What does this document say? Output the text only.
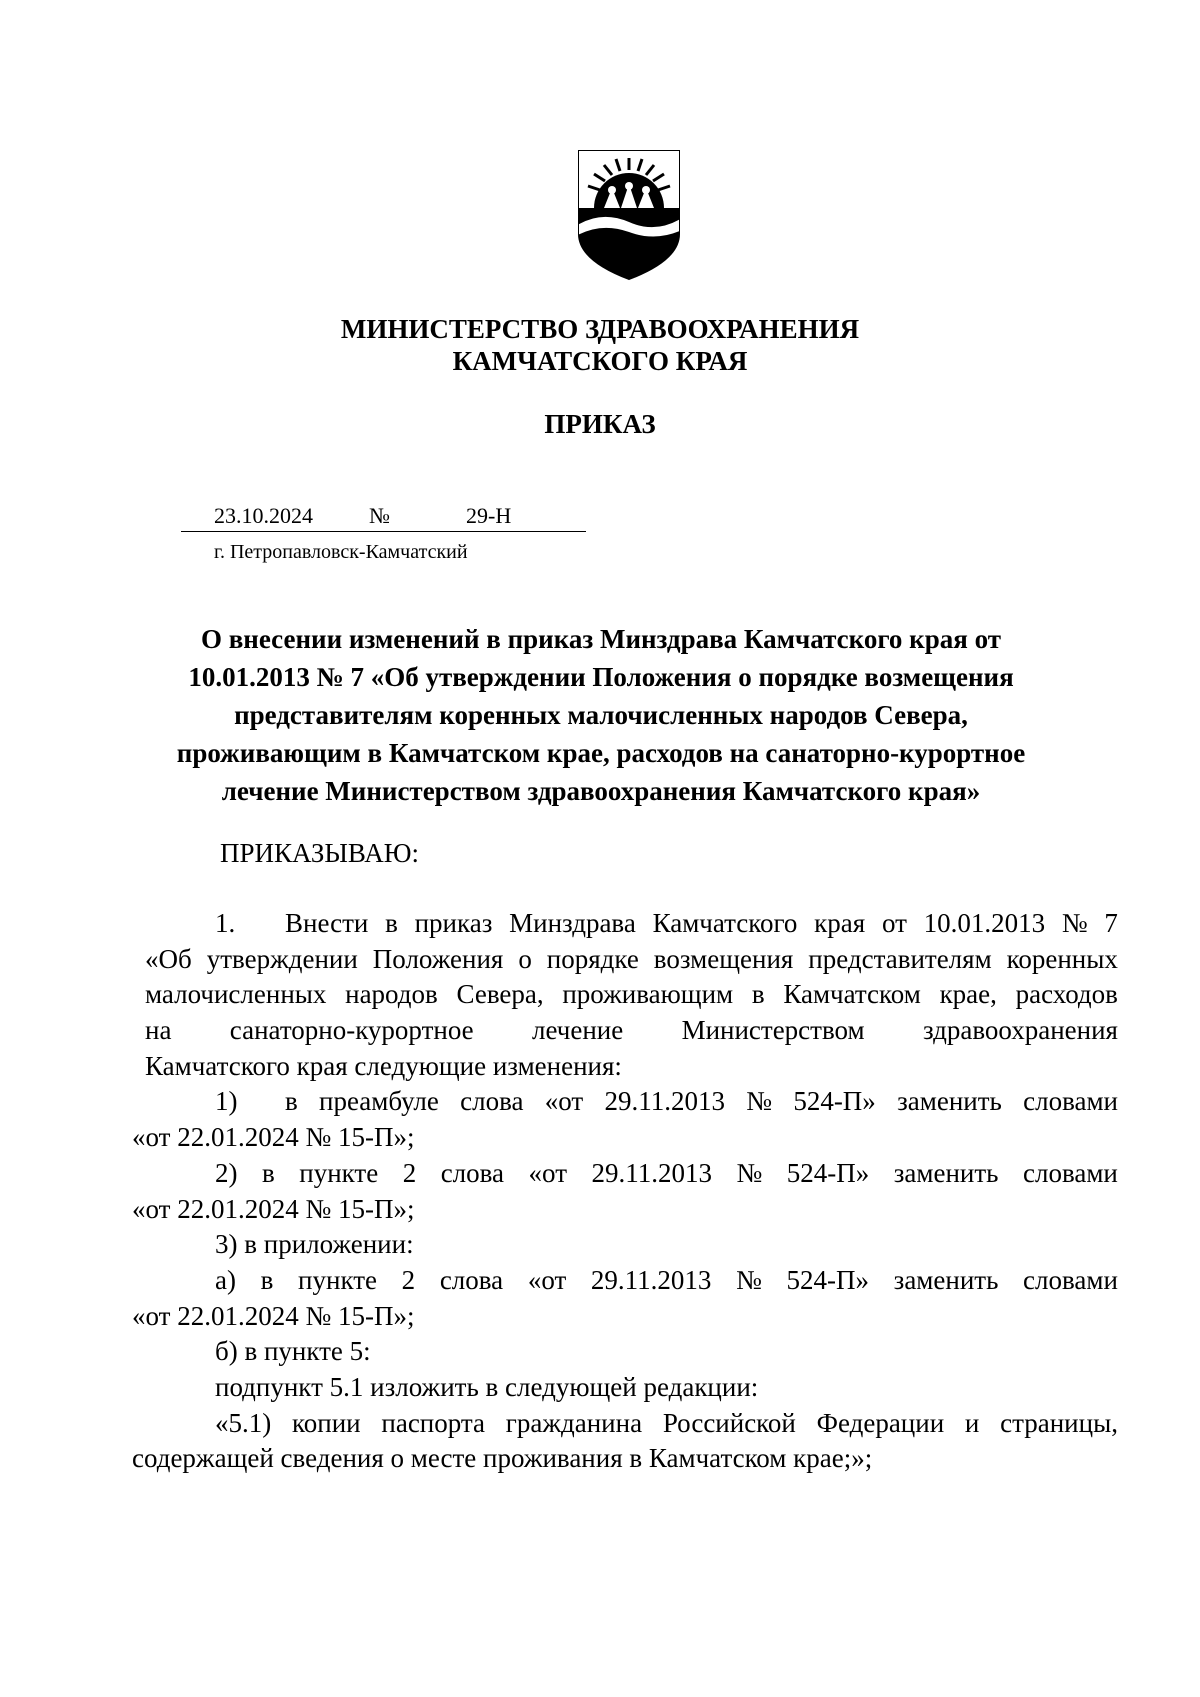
МИНИСТЕРСТВО ЗДРАВООХРАНЕНИЯ
КАМЧАТСКОГО КРАЯ
ПРИКАЗ
23.10.2024	№	29-Н
г. Петропавловск-Камчатский
О внесении изменений в приказ Минздрава Камчатского края от
10.01.2013 № 7 «Об утверждении Положения о порядке возмещения
представителям коренных малочисленных народов Севера,
проживающим в Камчатском крае, расходов на санаторно-курортное
лечение Министерством здравоохранения Камчатского края»
ПРИКАЗЫВАЮ:
1.	Внести в приказ Минздрава Камчатского края от 10.01.2013 № 7
«Об утверждении Положения о порядке возмещения представителям коренных
малочисленных народов Севера, проживающим в Камчатском крае, расходов
на санаторно-курортное лечение Министерством здравоохранения
Камчатского края следующие изменения:
1)	в преамбуле слова «от 29.11.2013 № 524-П» заменить словами
«от 22.01.2024 № 15-П»;
2) в пункте 2 слова «от 29.11.2013 № 524-П» заменить словами
«от 22.01.2024 № 15-П»;
3) в приложении:
а) в пункте 2 слова «от 29.11.2013 № 524-П» заменить словами
«от 22.01.2024 № 15-П»;
б) в пункте 5:
подпункт 5.1 изложить в следующей редакции:
«5.1) копии паспорта гражданина Российской Федерации и страницы,
содержащей сведения о месте проживания в Камчатском крае;»;
